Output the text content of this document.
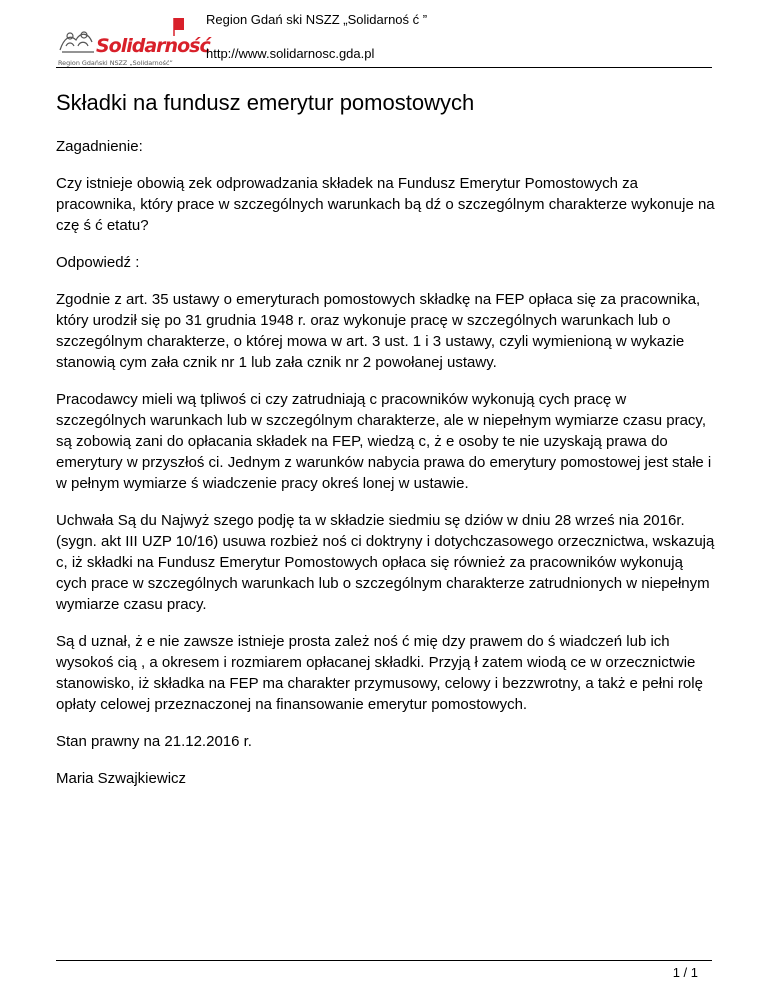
Solidarność
Region Gdański NSZZ „Solidarność”
Region Gdań ski NSZZ „Solidarnoś ć ”
http://www.solidarnosc.gda.pl
Składki na fundusz emerytur pomostowych

Zagadnienie:

Czy istnieje obowią zek odprowadzania składek na Fundusz Emerytur Pomostowych za pracownika, który prace w szczególnych warunkach bą dź o szczególnym charakterze wykonuje na czę ś ć etatu?

Odpowiedź :

Zgodnie z art. 35 ustawy o emeryturach pomostowych składkę na FEP opłaca się za pracownika, który urodził się po 31 grudnia 1948 r. oraz wykonuje pracę w szczególnych warunkach lub o szczególnym charakterze, o której mowa w art. 3 ust. 1 i 3 ustawy, czyli wymienioną w wykazie stanowią cym zała cznik nr 1 lub zała cznik nr 2 powołanej ustawy.

Pracodawcy mieli wą tpliwoś ci czy zatrudniają c pracowników wykonują cych pracę w szczególnych warunkach lub w szczególnym charakterze, ale w niepełnym wymiarze czasu pracy, są zobowią zani do opłacania składek na FEP, wiedzą c, ż e osoby te nie uzyskają prawa do emerytury w przyszłoś ci. Jednym z warunków nabycia prawa do emerytury pomostowej jest stałe i w pełnym wymiarze ś wiadczenie pracy okreś lonej w ustawie.

Uchwała Są du Najwyż szego podję ta w składzie siedmiu sę dziów w dniu 28 wrześ nia 2016r. (sygn. akt III UZP 10/16) usuwa rozbież noś ci doktryny i dotychczasowego orzecznictwa, wskazują c, iż składki na Fundusz Emerytur Pomostowych opłaca się również za pracowników wykonują cych prace w szczególnych warunkach lub o szczególnym charakterze zatrudnionych w niepełnym wymiarze czasu pracy.

Są d uznał, ż e nie zawsze istnieje prosta zależ noś ć mię dzy prawem do ś wiadczeń lub ich wysokoś cią , a okresem i rozmiarem opłacanej składki. Przyją ł zatem wiodą ce w orzecznictwie stanowisko, iż składka na FEP ma charakter przymusowy, celowy i bezzwrotny, a takż e pełni rolę opłaty celowej przeznaczonej na finansowanie emerytur pomostowych.

Stan prawny na 21.12.2016 r.

Maria Szwajkiewicz

1 / 1
